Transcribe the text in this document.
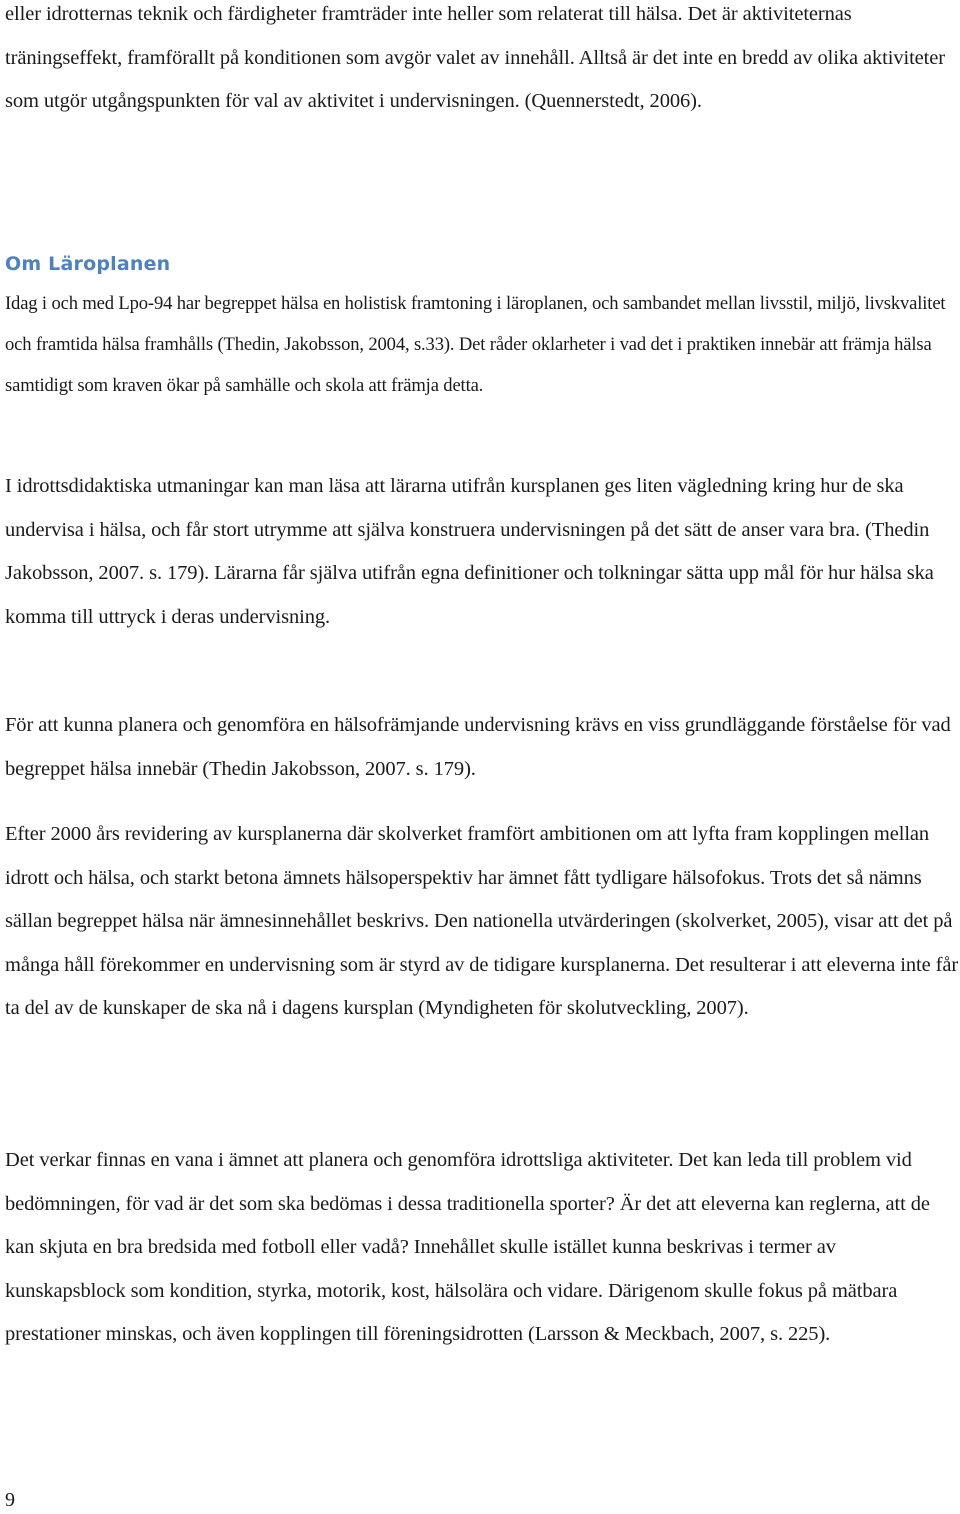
eller idrotternas teknik och färdigheter framträder inte heller som relaterat till hälsa. Det är aktiviteternas träningseffekt, framförallt på konditionen som avgör valet av innehåll. Alltså är det inte en bredd av olika aktiviteter som utgör utgångspunkten för val av aktivitet i undervisningen. (Quennerstedt, 2006).

Om Läroplanen

Idag i och med Lpo-94 har begreppet hälsa en holistisk framtoning i läroplanen, och sambandet mellan livsstil, miljö, livskvalitet och framtida hälsa framhålls (Thedin, Jakobsson, 2004, s.33). Det råder oklarheter i vad det i praktiken innebär att främja hälsa samtidigt som kraven ökar på samhälle och skola att främja detta.

I idrottsdidaktiska utmaningar kan man läsa att lärarna utifrån kursplanen ges liten vägledning kring hur de ska undervisa i hälsa, och får stort utrymme att själva konstruera undervisningen på det sätt de anser vara bra. (Thedin Jakobsson, 2007. s. 179). Lärarna får själva utifrån egna definitioner och tolkningar sätta upp mål för hur hälsa ska komma till uttryck i deras undervisning.

För att kunna planera och genomföra en hälsofrämjande undervisning krävs en viss grundläggande förståelse för vad begreppet hälsa innebär (Thedin Jakobsson, 2007. s. 179).

Efter 2000 års revidering av kursplanerna där skolverket framfört ambitionen om att lyfta fram kopplingen mellan idrott och hälsa, och starkt betona ämnets hälsoperspektiv har ämnet fått tydligare hälsofokus. Trots det så nämns sällan begreppet hälsa när ämnesinnehållet beskrivs. Den nationella utvärderingen (skolverket, 2005), visar att det på många håll förekommer en undervisning som är styrd av de tidigare kursplanerna. Det resulterar i att eleverna inte får ta del av de kunskaper de ska nå i dagens kursplan (Myndigheten för skolutveckling, 2007).

Det verkar finnas en vana i ämnet att planera och genomföra idrottsliga aktiviteter. Det kan leda till problem vid bedömningen, för vad är det som ska bedömas i dessa traditionella sporter? Är det att eleverna kan reglerna, att de kan skjuta en bra bredsida med fotboll eller vadå? Innehållet skulle istället kunna beskrivas i termer av kunskapsblock som kondition, styrka, motorik, kost, hälsolära och vidare. Därigenom skulle fokus på mätbara prestationer minskas, och även kopplingen till föreningsidrotten (Larsson & Meckbach, 2007, s. 225).

9
